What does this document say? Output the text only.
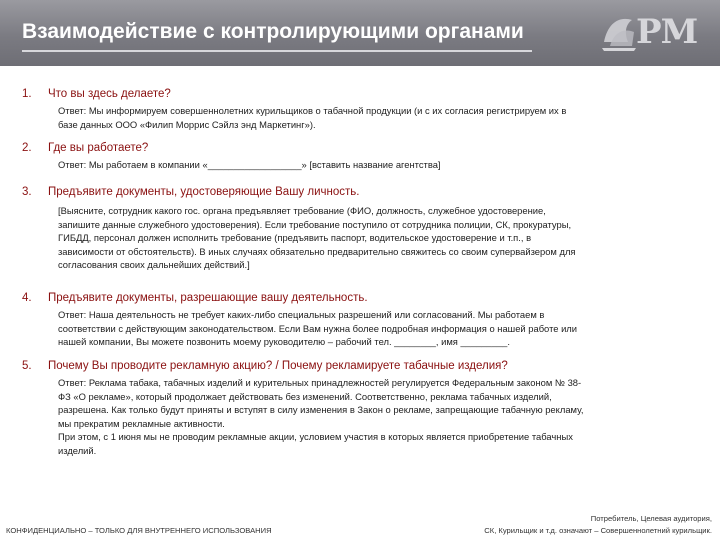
Взаимодействие с контролирующими органами	PM
1. Что вы здесь делаете?
Ответ: Мы информируем совершеннолетних курильщиков о табачной продукции (и с их согласия регистрируем их в
базе данных ООО «Филип Моррис Сэйлз энд Маркетинг»).
2. Где вы работаете?
Ответ: Мы работаем в компании «__________________» [вставить название агентства]
3. Предъявите документы, удостоверяющие Вашу личность.
[Выясните, сотрудник какого гос. органа предъявляет требование (ФИО, должность, служебное удостоверение,
запишите данные служебного удостоверения). Если требование поступило от сотрудника полиции, СК, прокуратуры,
ГИБДД, персонал должен исполнить требование (предъявить паспорт, водительское удостоверение и т.п., в
зависимости от обстоятельств). В иных случаях обязательно предварительно свяжитесь со своим супервайзером для
согласования своих дальнейших действий.]
4. Предъявите документы, разрешающие вашу деятельность.
Ответ: Наша деятельность не требует каких-либо специальных разрешений или согласований. Мы работаем в
соответствии с действующим законодательством. Если Вам нужна более подробная информация о нашей работе или
нашей компании, Вы можете позвонить моему руководителю – рабочий тел. ________, имя _________.
5. Почему Вы проводите рекламную акцию? / Почему рекламируете табачные изделия?
Ответ: Реклама табака, табачных изделий и курительных принадлежностей регулируется Федеральным законом № 38-
ФЗ «О рекламе», который продолжает действовать без изменений. Соответственно, реклама табачных изделий,
разрешена. Как только будут приняты и вступят в силу изменения в Закон о рекламе, запрещающие табачную рекламу,
мы прекратим рекламные активности.
При этом, с 1 июня мы не проводим рекламные акции, условием участия в которых является приобретение табачных
изделий.
КОНФИДЕНЦИАЛЬНО – ТОЛЬКО ДЛЯ ВНУТРЕННЕГО ИСПОЛЬЗОВАНИЯ
Потребитель, Целевая аудитория,
СК, Курильщик и т.д. означают – Совершеннолетний курильщик.
